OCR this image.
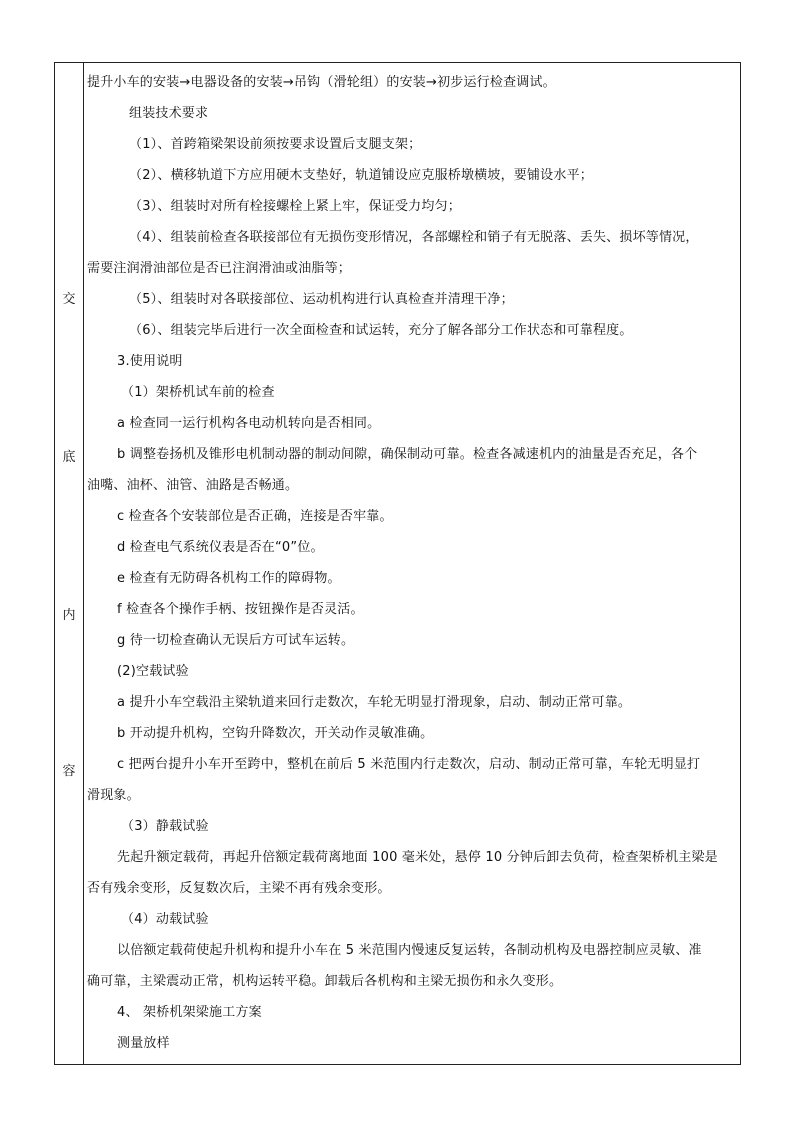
交
底
内
容

提升小车的安装→电器设备的安装→吊钩（滑轮组）的安装→初步运行检查调试。

组装技术要求

（1）、首跨箱梁架设前须按要求设置后支腿支架；

（2）、横移轨道下方应用硬木支垫好，轨道铺设应克服桥墩横坡，要铺设水平；

（3）、组装时对所有栓接螺栓上紧上牢，保证受力均匀；

（4）、组装前检查各联接部位有无损伤变形情况，各部螺栓和销子有无脱落、丢失、损坏等情况，

需要注润滑油部位是否已注润滑油或油脂等；

（5）、组装时对各联接部位、运动机构进行认真检查并清理干净；

（6）、组装完毕后进行一次全面检查和试运转，充分了解各部分工作状态和可靠程度。

3.使用说明

（1）架桥机试车前的检查

a 检查同一运行机构各电动机转向是否相同。

b 调整卷扬机及锥形电机制动器的制动间隙，确保制动可靠。检查各减速机内的油量是否充足，各个

油嘴、油杯、油管、油路是否畅通。

c 检查各个安装部位是否正确，连接是否牢靠。

d 检查电气系统仪表是否在“0”位。

e 检查有无防碍各机构工作的障碍物。

f 检查各个操作手柄、按钮操作是否灵活。

g 待一切检查确认无误后方可试车运转。

(2)空载试验

a 提升小车空载沿主梁轨道来回行走数次，车轮无明显打滑现象，启动、制动正常可靠。

b 开动提升机构，空钩升降数次，开关动作灵敏准确。

c 把两台提升小车开至跨中，整机在前后 5 米范围内行走数次，启动、制动正常可靠，车轮无明显打

滑现象。

（3）静载试验

先起升额定载荷，再起升倍额定载荷离地面 100 毫米处，悬停 10 分钟后卸去负荷，检查架桥机主梁是

否有残余变形，反复数次后，主梁不再有残余变形。

（4）动载试验

以倍额定载荷使起升机构和提升小车在 5 米范围内慢速反复运转，各制动机构及电器控制应灵敏、准

确可靠，主梁震动正常，机构运转平稳。卸载后各机构和主梁无损伤和永久变形。

4、 架桥机架梁施工方案

测量放样
